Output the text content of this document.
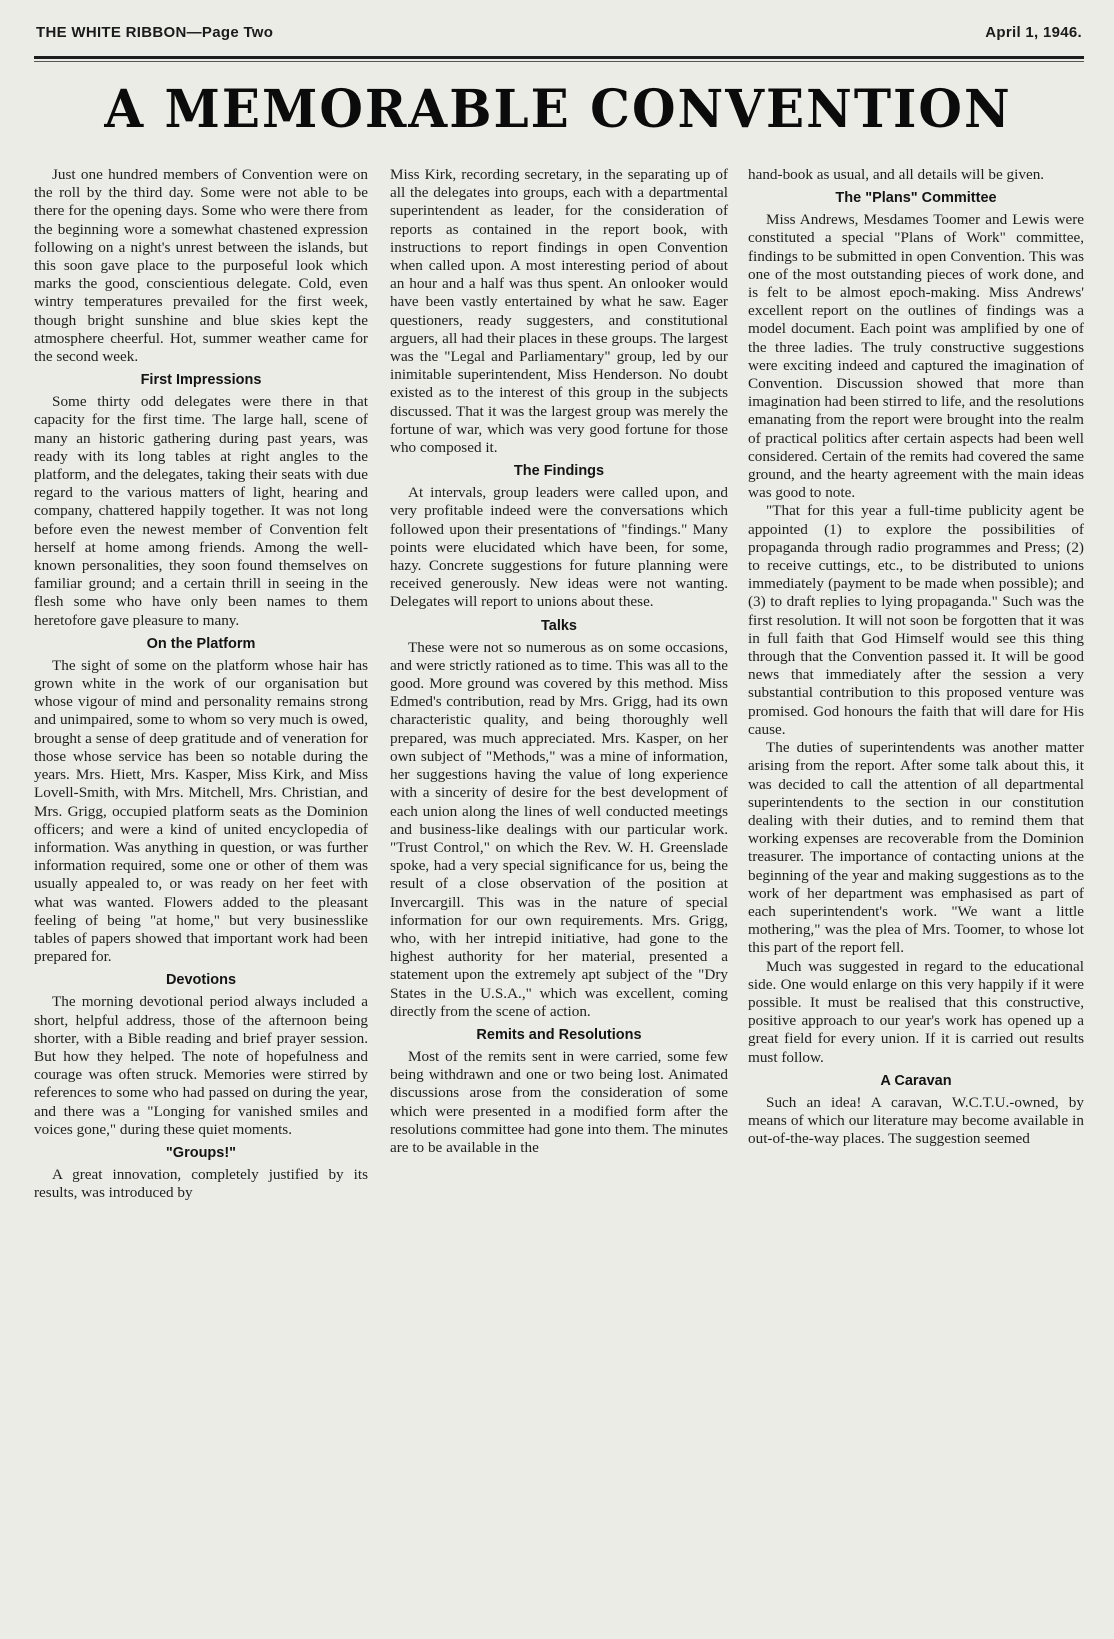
THE WHITE RIBBON—Page Two	April 1, 1946.
A MEMORABLE CONVENTION

Just one hundred members of Convention were on the roll by the third day. Some were not able to be there for the opening days. Some who were there from the beginning wore a somewhat chastened expression following on a night's unrest between the islands, but this soon gave place to the purposeful look which marks the good, conscientious delegate. Cold, even wintry temperatures prevailed for the first week, though bright sunshine and blue skies kept the atmosphere cheerful. Hot, summer weather came for the second week.

First Impressions

Some thirty odd delegates were there in that capacity for the first time. The large hall, scene of many an historic gathering during past years, was ready with its long tables at right angles to the platform, and the delegates, taking their seats with due regard to the various matters of light, hearing and company, chattered happily together. It was not long before even the newest member of Convention felt herself at home among friends. Among the well-known personalities, they soon found themselves on familiar ground; and a certain thrill in seeing in the flesh some who have only been names to them heretofore gave pleasure to many.

On the Platform

The sight of some on the platform whose hair has grown white in the work of our organisation but whose vigour of mind and personality remains strong and unimpaired, some to whom so very much is owed, brought a sense of deep gratitude and of veneration for those whose service has been so notable during the years. Mrs. Hiett, Mrs. Kasper, Miss Kirk, and Miss Lovell-Smith, with Mrs. Mitchell, Mrs. Christian, and Mrs. Grigg, occupied platform seats as the Dominion officers; and were a kind of united encyclopedia of information. Was anything in question, or was further information required, some one or other of them was usually appealed to, or was ready on her feet with what was wanted. Flowers added to the pleasant feeling of being "at home," but very businesslike tables of papers showed that important work had been prepared for.

Devotions

The morning devotional period always included a short, helpful address, those of the afternoon being shorter, with a Bible reading and brief prayer session. But how they helped. The note of hopefulness and courage was often struck. Memories were stirred by references to some who had passed on during the year, and there was a "Longing for vanished smiles and voices gone," during these quiet moments.

"Groups!"

A great innovation, completely justified by its results, was introduced by

Miss Kirk, recording secretary, in the separating up of all the delegates into groups, each with a departmental superintendent as leader, for the consideration of reports as contained in the report book, with instructions to report findings in open Convention when called upon. A most interesting period of about an hour and a half was thus spent. An onlooker would have been vastly entertained by what he saw. Eager questioners, ready suggesters, and constitutional arguers, all had their places in these groups. The largest was the "Legal and Parliamentary" group, led by our inimitable superintendent, Miss Henderson. No doubt existed as to the interest of this group in the subjects discussed. That it was the largest group was merely the fortune of war, which was very good fortune for those who composed it.

The Findings

At intervals, group leaders were called upon, and very profitable indeed were the conversations which followed upon their presentations of "findings." Many points were elucidated which have been, for some, hazy. Concrete suggestions for future planning were received generously. New ideas were not wanting. Delegates will report to unions about these.

Talks

These were not so numerous as on some occasions, and were strictly rationed as to time. This was all to the good. More ground was covered by this method. Miss Edmed's contribution, read by Mrs. Grigg, had its own characteristic quality, and being thoroughly well prepared, was much appreciated. Mrs. Kasper, on her own subject of "Methods," was a mine of information, her suggestions having the value of long experience with a sincerity of desire for the best development of each union along the lines of well conducted meetings and business-like dealings with our particular work. "Trust Control," on which the Rev. W. H. Greenslade spoke, had a very special significance for us, being the result of a close observation of the position at Invercargill. This was in the nature of special information for our own requirements. Mrs. Grigg, who, with her intrepid initiative, had gone to the highest authority for her material, presented a statement upon the extremely apt subject of the "Dry States in the U.S.A.," which was excellent, coming directly from the scene of action.

Remits and Resolutions

Most of the remits sent in were carried, some few being withdrawn and one or two being lost. Animated discussions arose from the consideration of some which were presented in a modified form after the resolutions committee had gone into them. The minutes are to be available in the

hand-book as usual, and all details will be given.

The "Plans" Committee

Miss Andrews, Mesdames Toomer and Lewis were constituted a special "Plans of Work" committee, findings to be submitted in open Convention. This was one of the most outstanding pieces of work done, and is felt to be almost epoch-making. Miss Andrews' excellent report on the outlines of findings was a model document. Each point was amplified by one of the three ladies. The truly constructive suggestions were exciting indeed and captured the imagination of Convention. Discussion showed that more than imagination had been stirred to life, and the resolutions emanating from the report were brought into the realm of practical politics after certain aspects had been well considered. Certain of the remits had covered the same ground, and the hearty agreement with the main ideas was good to note.

"That for this year a full-time publicity agent be appointed (1) to explore the possibilities of propaganda through radio programmes and Press; (2) to receive cuttings, etc., to be distributed to unions immediately (payment to be made when possible); and (3) to draft replies to lying propaganda." Such was the first resolution. It will not soon be forgotten that it was in full faith that God Himself would see this thing through that the Convention passed it. It will be good news that immediately after the session a very substantial contribution to this proposed venture was promised. God honours the faith that will dare for His cause.

The duties of superintendents was another matter arising from the report. After some talk about this, it was decided to call the attention of all departmental superintendents to the section in our constitution dealing with their duties, and to remind them that working expenses are recoverable from the Dominion treasurer. The importance of contacting unions at the beginning of the year and making suggestions as to the work of her department was emphasised as part of each superintendent's work. "We want a little mothering," was the plea of Mrs. Toomer, to whose lot this part of the report fell.

Much was suggested in regard to the educational side. One would enlarge on this very happily if it were possible. It must be realised that this constructive, positive approach to our year's work has opened up a great field for every union. If it is carried out results must follow.

A Caravan

Such an idea! A caravan, W.C.T.U.-owned, by means of which our literature may become available in out-of-the-way places. The suggestion seemed
